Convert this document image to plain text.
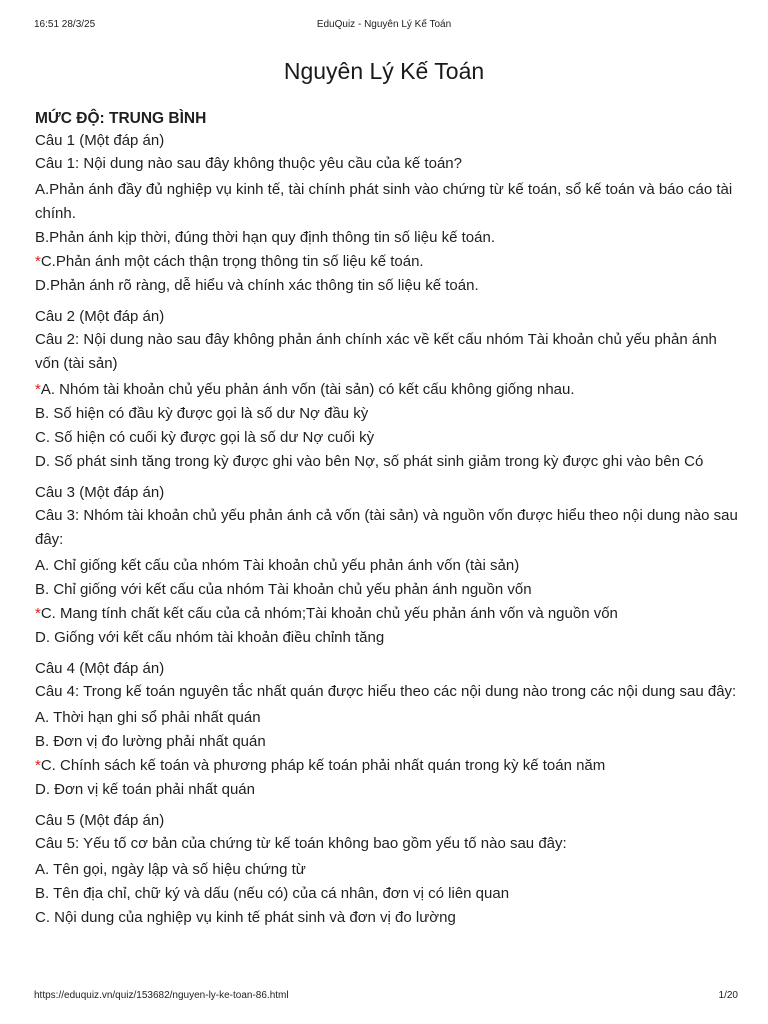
16:51 28/3/25	EduQuiz - Nguyên Lý Kế Toán
Nguyên Lý Kế Toán
MỨC ĐỘ: TRUNG BÌNH
Câu 1 (Một đáp án)
Câu 1: Nội dung nào sau đây không thuộc yêu cầu của kế toán?
A.Phản ánh đầy đủ nghiệp vụ kinh tế, tài chính phát sinh vào chứng từ kế toán, sổ kế toán và báo cáo tài chính.
B.Phản ánh kịp thời, đúng thời hạn quy định thông tin số liệu kế toán.
*C.Phản ánh một cách thận trọng thông tin số liệu kế toán.
D.Phản ánh rõ ràng, dễ hiểu và chính xác thông tin số liệu kế toán.
Câu 2 (Một đáp án)
Câu 2: Nội dung nào sau đây không phản ánh chính xác về kết cấu nhóm Tài khoản chủ yếu phản ánh vốn (tài sản)
*A. Nhóm tài khoản chủ yếu phản ánh vốn (tài sản) có kết cấu không giống nhau.
B. Số hiện có đầu kỳ được gọi là số dư Nợ đầu kỳ
C. Số hiện có cuối kỳ được gọi là số dư Nợ cuối kỳ
D. Số phát sinh tăng trong kỳ được ghi vào bên Nợ, số phát sinh giảm trong kỳ được ghi vào bên Có
Câu 3 (Một đáp án)
Câu 3: Nhóm tài khoản chủ yếu phản ánh cả vốn (tài sản) và nguồn vốn được hiểu theo nội dung nào sau đây:
A. Chỉ giống kết cấu của nhóm Tài khoản chủ yếu phản ánh vốn (tài sản)
B. Chỉ giống với kết cấu của nhóm Tài khoản chủ yếu phản ánh nguồn vốn
*C. Mang tính chất kết cấu của cả nhóm;Tài khoản chủ yếu phản ánh vốn và nguồn vốn
D. Giống với kết cấu nhóm tài khoản điều chỉnh tăng
Câu 4 (Một đáp án)
Câu 4: Trong kế toán nguyên tắc nhất quán được hiểu theo các nội dung nào trong các nội dung sau đây:
A. Thời hạn ghi sổ phải nhất quán
B. Đơn vị đo lường phải nhất quán
*C. Chính sách kế toán và phương pháp kế toán phải nhất quán trong kỳ kế toán năm
D. Đơn vị kế toán phải nhất quán
Câu 5 (Một đáp án)
Câu 5: Yếu tố cơ bản của chứng từ kế toán không bao gồm yếu tố nào sau đây:
A. Tên gọi, ngày lập và số hiệu chứng từ
B. Tên địa chỉ, chữ ký và dấu (nếu có) của cá nhân, đơn vị có liên quan
C. Nội dung của nghiệp vụ kinh tế phát sinh và đơn vị đo lường
https://eduquiz.vn/quiz/153682/nguyen-ly-ke-toan-86.html	1/20
